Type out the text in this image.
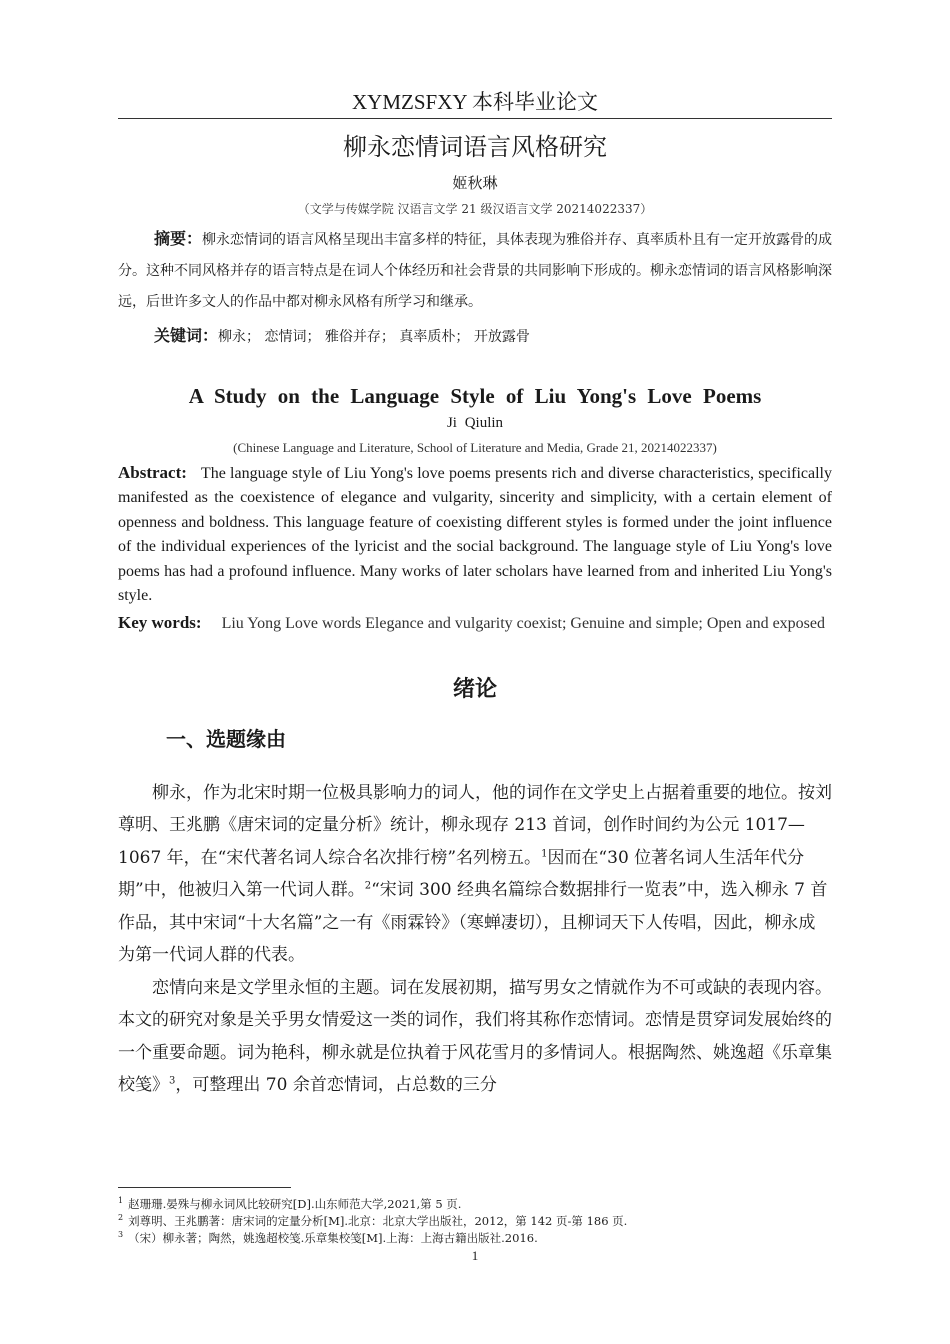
XYMZSFXY 本科毕业论文
柳永恋情词语言风格研究
姬秋琳
（文学与传媒学院 汉语言文学 21 级汉语言文学 20214022337）
摘要：柳永恋情词的语言风格呈现出丰富多样的特征，具体表现为雅俗并存、真率质朴且有一定开放露骨的成分。这种不同风格并存的语言特点是在词人个体经历和社会背景的共同影响下形成的。柳永恋情词的语言风格影响深远，后世许多文人的作品中都对柳永风格有所学习和继承。
关键词：柳永； 恋情词； 雅俗并存； 真率质朴； 开放露骨
A Study on the Language Style of Liu Yong's Love Poems
Ji Qiulin
(Chinese Language and Literature, School of Literature and Media, Grade 21, 20214022337)
Abstract: The language style of Liu Yong's love poems presents rich and diverse characteristics, specifically manifested as the coexistence of elegance and vulgarity, sincerity and simplicity, with a certain element of openness and boldness. This language feature of coexisting different styles is formed under the joint influence of the individual experiences of the lyricist and the social background. The language style of Liu Yong's love poems has had a profound influence. Many works of later scholars have learned from and inherited Liu Yong's style.
Key words: Liu Yong Love words Elegance and vulgarity coexist; Genuine and simple; Open and exposed
绪论
一、选题缘由

柳永，作为北宋时期一位极具影响力的词人，他的词作在文学史上占据着重要的地位。按刘尊明、王兆鹏《唐宋词的定量分析》统计，柳永现存 213 首词，创作时间约为公元 1017—1067 年，在“宋代著名词人综合名次排行榜”名列榜五。$^1$因而在“30 位著名词人生活年代分期”中，他被归入第一代词人群。$^2$“宋词 300 经典名篇综合数据排行一览表”中，选入柳永 7 首作品，其中宋词“十大名篇”之一有《雨霖铃》（寒蝉凄切），且柳词天下人传唱，因此，柳永成为第一代词人群的代表。

恋情向来是文学里永恒的主题。词在发展初期，描写男女之情就作为不可或缺的表现内容。本文的研究对象是关乎男女情爱这一类的词作，我们将其称作恋情词。恋情是贯穿词发展始终的一个重要命题。词为艳科，柳永就是位执着于风花雪月的多情词人。根据陶然、姚逸超《乐章集校笺》$^3$，可整理出 70 余首恋情词，占总数的三分

$^1$ 赵珊珊.晏殊与柳永词风比较研究[D].山东师范大学,2021,第 5 页.
$^2$ 刘尊明、王兆鹏著：唐宋词的定量分析[M].北京：北京大学出版社，2012，第 142 页-第 186 页.
$^3$ （宋）柳永著；陶然，姚逸超校笺.乐章集校笺[M].上海：上海古籍出版社.2016.
1
